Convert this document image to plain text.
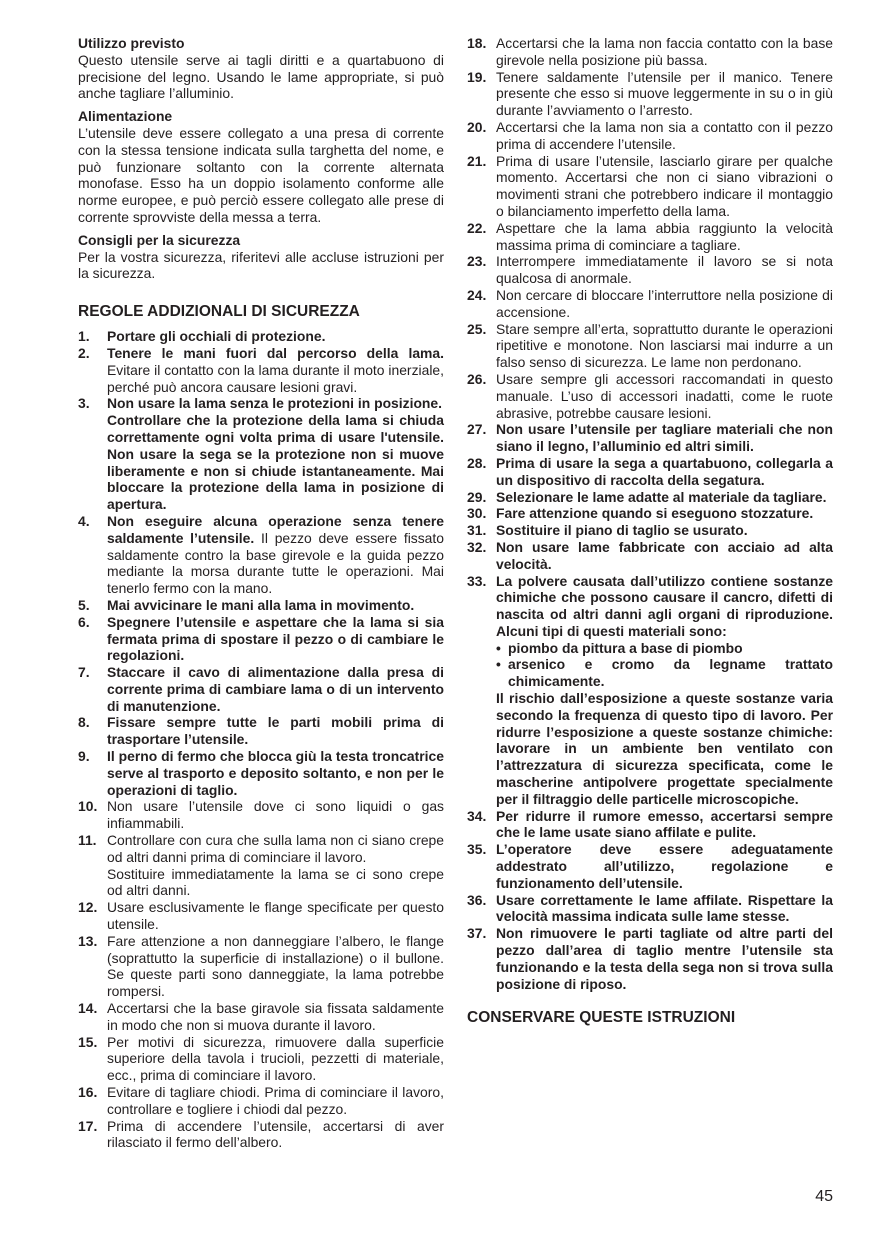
Utilizzo previsto
Questo utensile serve ai tagli diritti e a quartabuono di precisione del legno. Usando le lame appropriate, si può anche tagliare l’alluminio.
Alimentazione
L’utensile deve essere collegato a una presa di corrente con la stessa tensione indicata sulla targhetta del nome, e può funzionare soltanto con la corrente alternata monofase. Esso ha un doppio isolamento conforme alle norme europee, e può perciò essere collegato alle prese di corrente sprovviste della messa a terra.
Consigli per la sicurezza
Per la vostra sicurezza, riferitevi alle accluse istruzioni per la sicurezza.
REGOLE ADDIZIONALI DI SICUREZZA
1.	Portare gli occhiali di protezione.
2.	Tenere le mani fuori dal percorso della lama. Evitare il contatto con la lama durante il moto inerziale, perché può ancora causare lesioni gravi.
3.	Non usare la lama senza le protezioni in posizione.
Controllare che la protezione della lama si chiuda correttamente ogni volta prima di usare l'utensile. Non usare la sega se la protezione non si muove liberamente e non si chiude istantaneamente. Mai bloccare la protezione della lama in posizione di apertura.
4.	Non eseguire alcuna operazione senza tenere saldamente l’utensile. Il pezzo deve essere fissato saldamente contro la base girevole e la guida pezzo mediante la morsa durante tutte le operazioni. Mai tenerlo fermo con la mano.
5.	Mai avvicinare le mani alla lama in movimento.
6.	Spegnere l’utensile e aspettare che la lama si sia fermata prima di spostare il pezzo o di cambiare le regolazioni.
7.	Staccare il cavo di alimentazione dalla presa di corrente prima di cambiare lama o di un intervento di manutenzione.
8.	Fissare sempre tutte le parti mobili prima di trasportare l’utensile.
9.	Il perno di fermo che blocca giù la testa troncatrice serve al trasporto e deposito soltanto, e non per le operazioni di taglio.
10. Non usare l’utensile dove ci sono liquidi o gas infiammabili.
11. Controllare con cura che sulla lama non ci siano crepe od altri danni prima di cominciare il lavoro.
Sostituire immediatamente la lama se ci sono crepe od altri danni.
12. Usare esclusivamente le flange specificate per questo utensile.
13. Fare attenzione a non danneggiare l’albero, le flange (soprattutto la superficie di installazione) o il bullone. Se queste parti sono danneggiate, la lama potrebbe rompersi.
14. Accertarsi che la base giravole sia fissata saldamente in modo che non si muova durante il lavoro.
15. Per motivi di sicurezza, rimuovere dalla superficie superiore della tavola i trucioli, pezzetti di materiale, ecc., prima di cominciare il lavoro.
16. Evitare di tagliare chiodi. Prima di cominciare il lavoro, controllare e togliere i chiodi dal pezzo.
17. Prima di accendere l’utensile, accertarsi di aver rilasciato il fermo dell’albero.
18. Accertarsi che la lama non faccia contatto con la base girevole nella posizione più bassa.
19. Tenere saldamente l’utensile per il manico. Tenere presente che esso si muove leggermente in su o in giù durante l’avviamento o l’arresto.
20. Accertarsi che la lama non sia a contatto con il pezzo prima di accendere l’utensile.
21. Prima di usare l’utensile, lasciarlo girare per qualche momento. Accertarsi che non ci siano vibrazioni o movimenti strani che potrebbero indicare il montaggio o bilanciamento imperfetto della lama.
22. Aspettare che la lama abbia raggiunto la velocità massima prima di cominciare a tagliare.
23. Interrompere immediatamente il lavoro se si nota qualcosa di anormale.
24. Non cercare di bloccare l’interruttore nella posizione di accensione.
25. Stare sempre all’erta, soprattutto durante le operazioni ripetitive e monotone. Non lasciarsi mai indurre a un falso senso di sicurezza. Le lame non perdonano.
26. Usare sempre gli accessori raccomandati in questo manuale. L’uso di accessori inadatti, come le ruote abrasive, potrebbe causare lesioni.
27. Non usare l’utensile per tagliare materiali che non siano il legno, l’alluminio ed altri simili.
28. Prima di usare la sega a quartabuono, collegarla a un dispositivo di raccolta della segatura.
29. Selezionare le lame adatte al materiale da tagliare.
30. Fare attenzione quando si eseguono stozzature.
31. Sostituire il piano di taglio se usurato.
32. Non usare lame fabbricate con acciaio ad alta velocità.
33. La polvere causata dall’utilizzo contiene sostanze chimiche che possono causare il cancro, difetti di nascita od altri danni agli organi di riproduzione. Alcuni tipi di questi materiali sono:
• piombo da pittura a base di piombo
• arsenico e cromo da legname trattato chimicamente.
Il rischio dall’esposizione a queste sostanze varia secondo la frequenza di questo tipo di lavoro. Per ridurre l’esposizione a queste sostanze chimiche: lavorare in un ambiente ben ventilato con l’attrezzatura di sicurezza specificata, come le mascherine antipolvere progettate specialmente per il filtraggio delle particelle microscopiche.
34. Per ridurre il rumore emesso, accertarsi sempre che le lame usate siano affilate e pulite.
35. L’operatore deve essere adeguatamente addestrato all’utilizzo, regolazione e funzionamento dell’utensile.
36. Usare correttamente le lame affilate. Rispettare la velocità massima indicata sulle lame stesse.
37. Non rimuovere le parti tagliate od altre parti del pezzo dall’area di taglio mentre l’utensile sta funzionando e la testa della sega non si trova sulla posizione di riposo.
CONSERVARE QUESTE ISTRUZIONI
45
